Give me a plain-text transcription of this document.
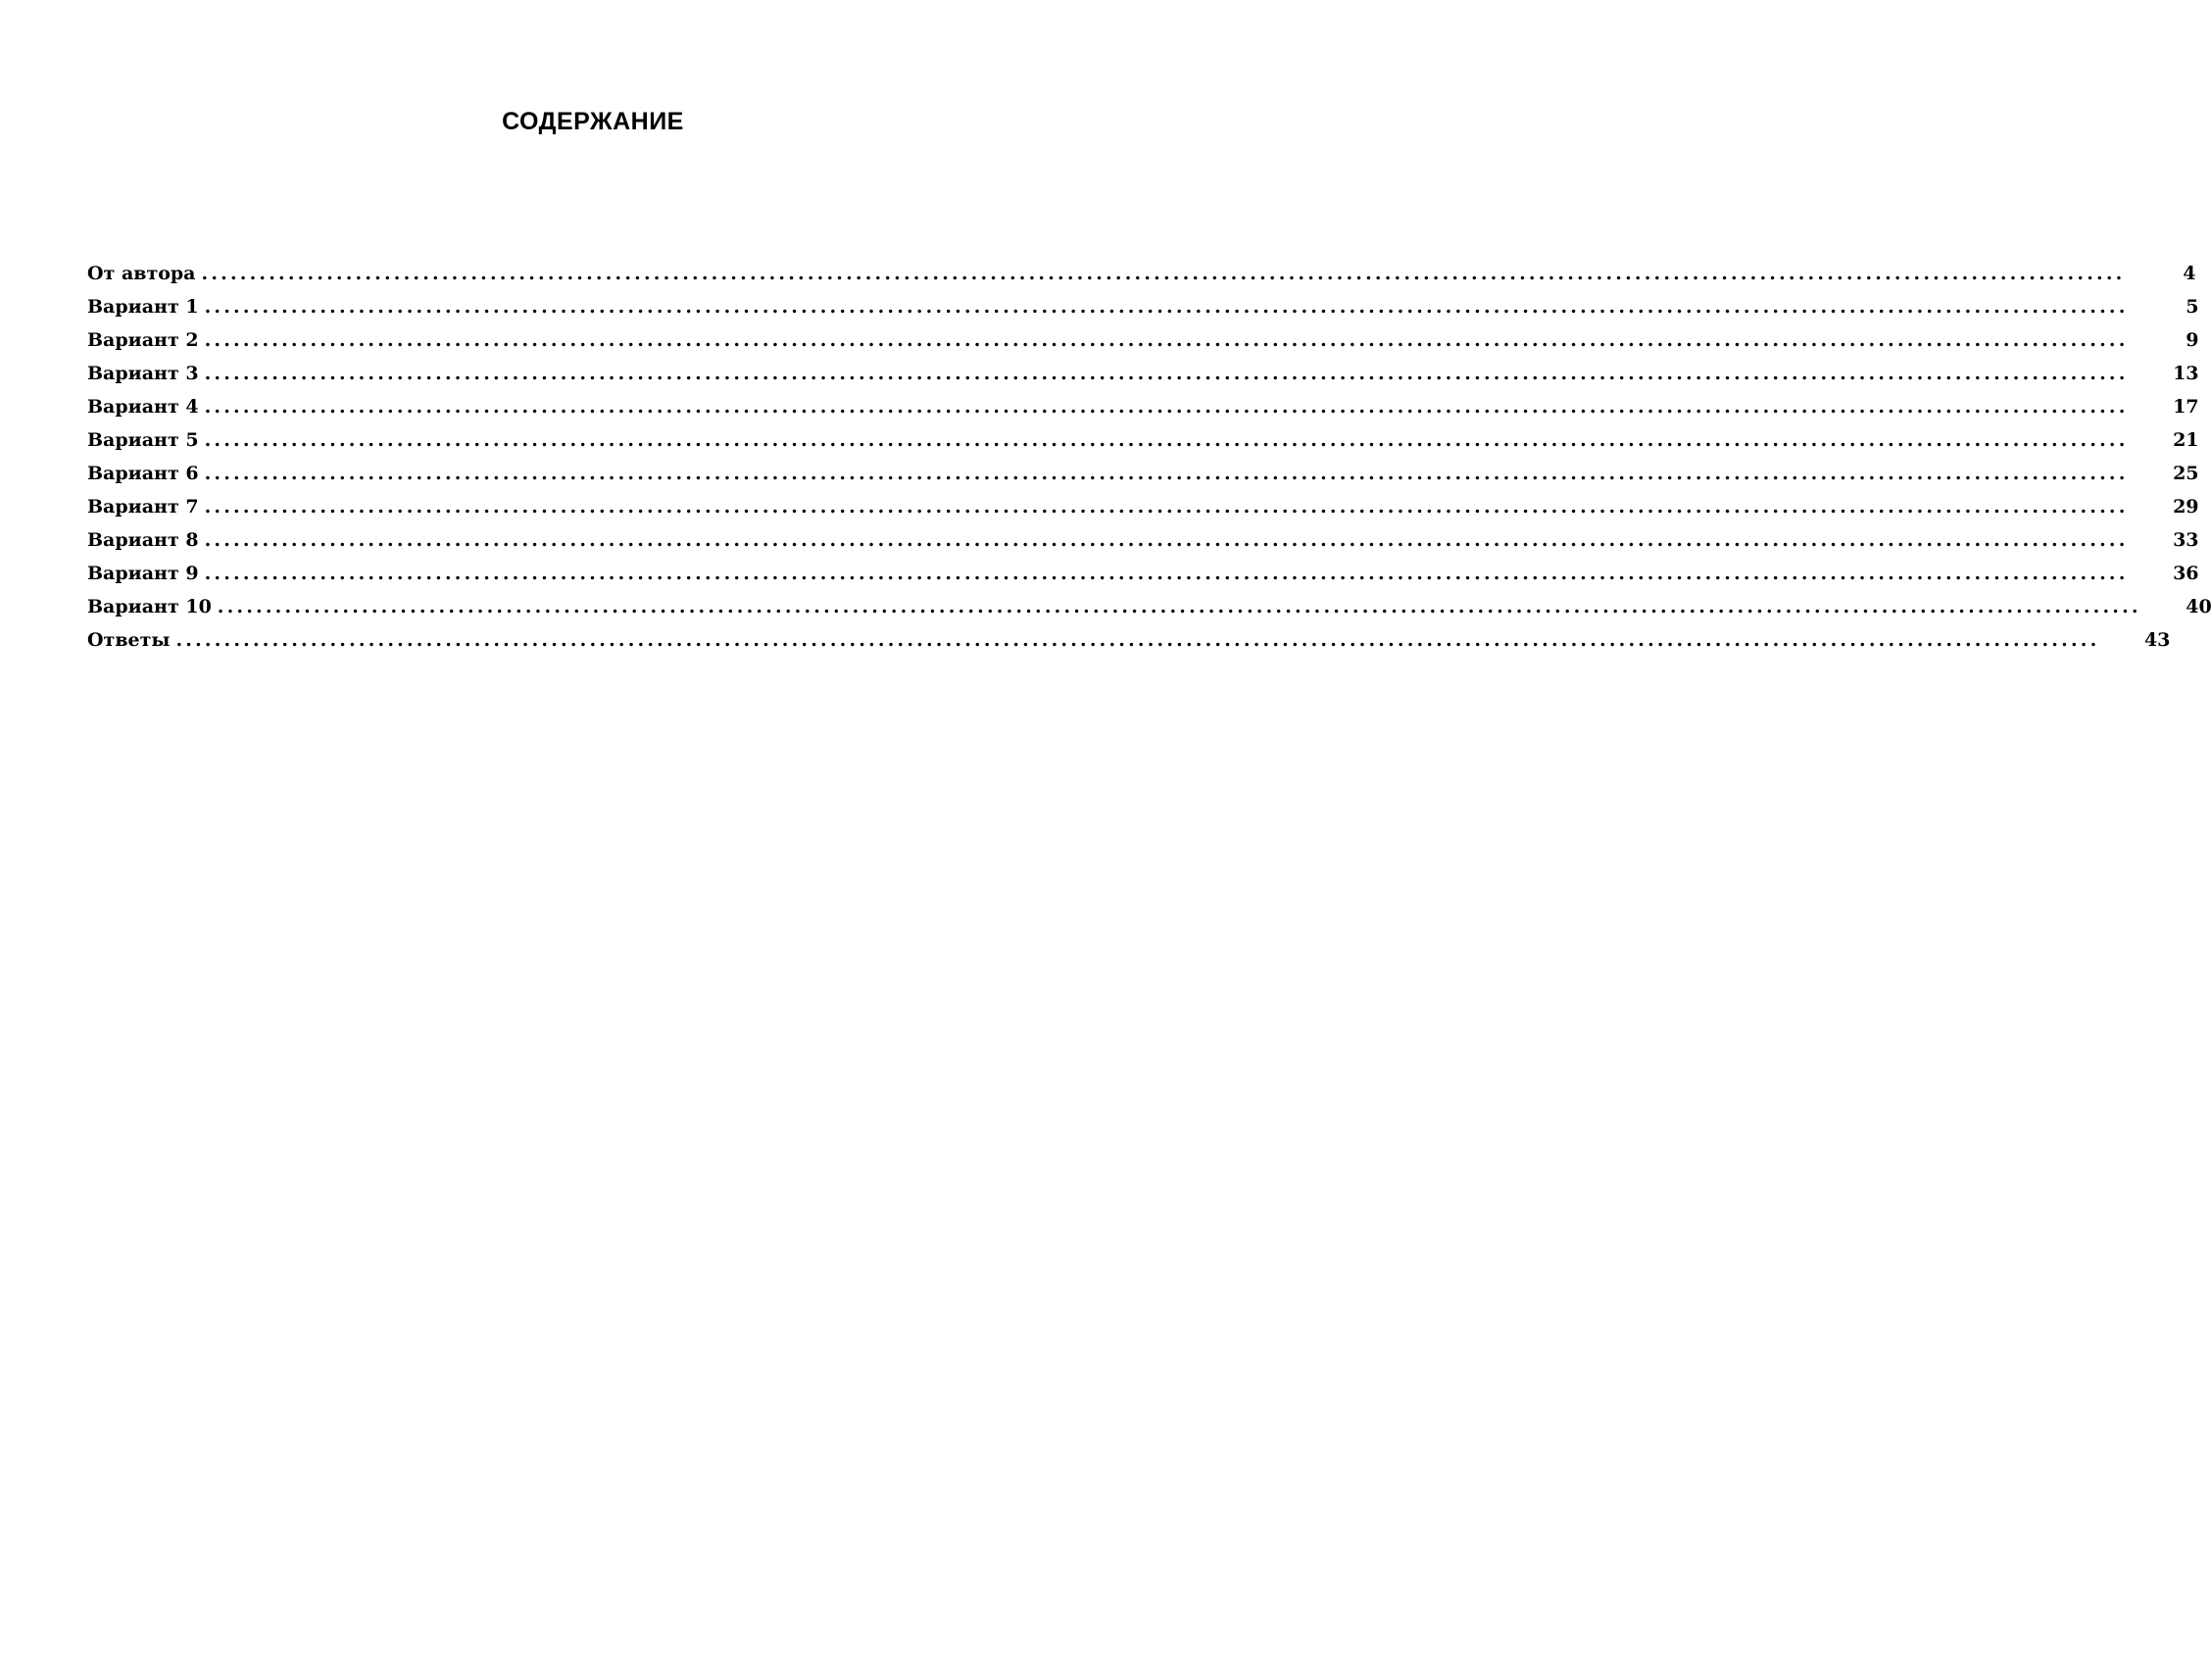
СОДЕРЖАНИЕ
От автора ........................................................................................................................................................................................................	4
Вариант 1 ........................................................................................................................................................................................................	5
Вариант 2 ........................................................................................................................................................................................................	9
Вариант 3 ........................................................................................................................................................................................................	13
Вариант 4 ........................................................................................................................................................................................................	17
Вариант 5 ........................................................................................................................................................................................................	21
Вариант 6 ........................................................................................................................................................................................................	25
Вариант 7 ........................................................................................................................................................................................................	29
Вариант 8 ........................................................................................................................................................................................................	33
Вариант 9 ........................................................................................................................................................................................................	36
Вариант 10 ........................................................................................................................................................................................................	40
Ответы ........................................................................................................................................................................................................	43
